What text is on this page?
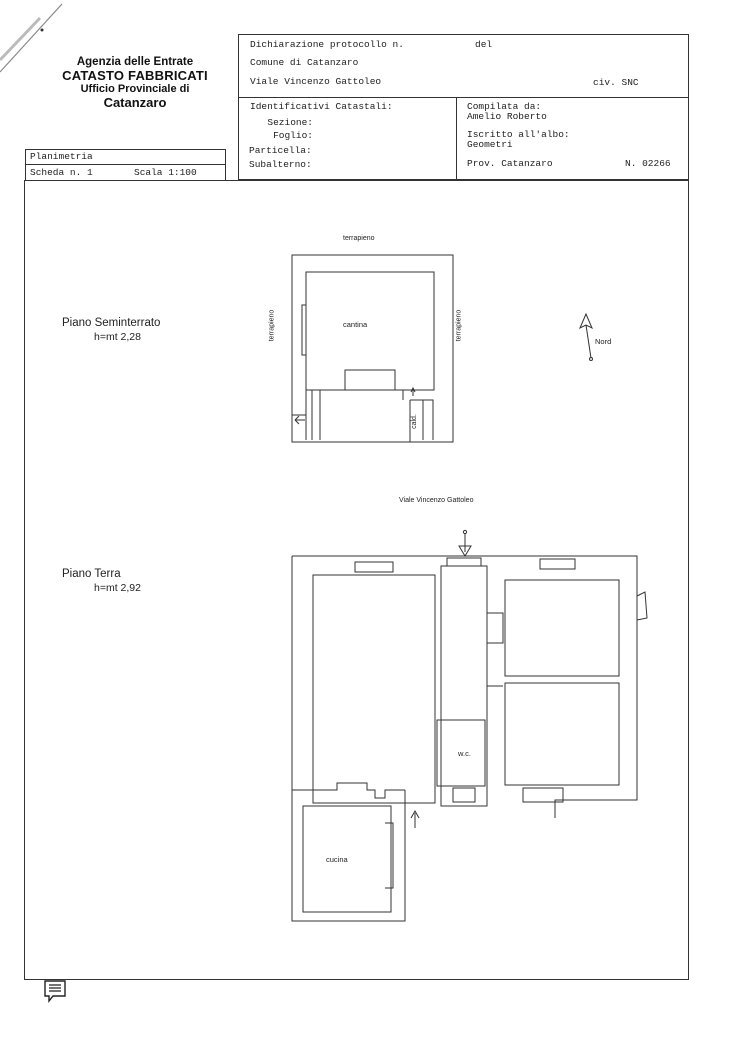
Agenzia delle Entrate
CATASTO FABBRICATI
Ufficio Provinciale di
Catanzaro
Dichiarazione protocollo n.	del
Comune di Catanzaro
Viale Vincenzo Gattoleo	civ. SNC
Identificativi Catastali:
Sezione:
Foglio:
Particella:
Subalterno:
Compilata da:
Amelio Roberto
Iscritto all'albo:
Geometri
Prov. Catanzaro	N. 02266
Planimetria
Scheda n. 1	Scala 1:100
Piano Seminterrato
h=mt 2,28
terrapieno
terrapieno	terrapieno
cald.
cantina
Nord
Viale Vincenzo Gattoleo
Piano Terra
h=mt 2,92
w.c.
cucina
